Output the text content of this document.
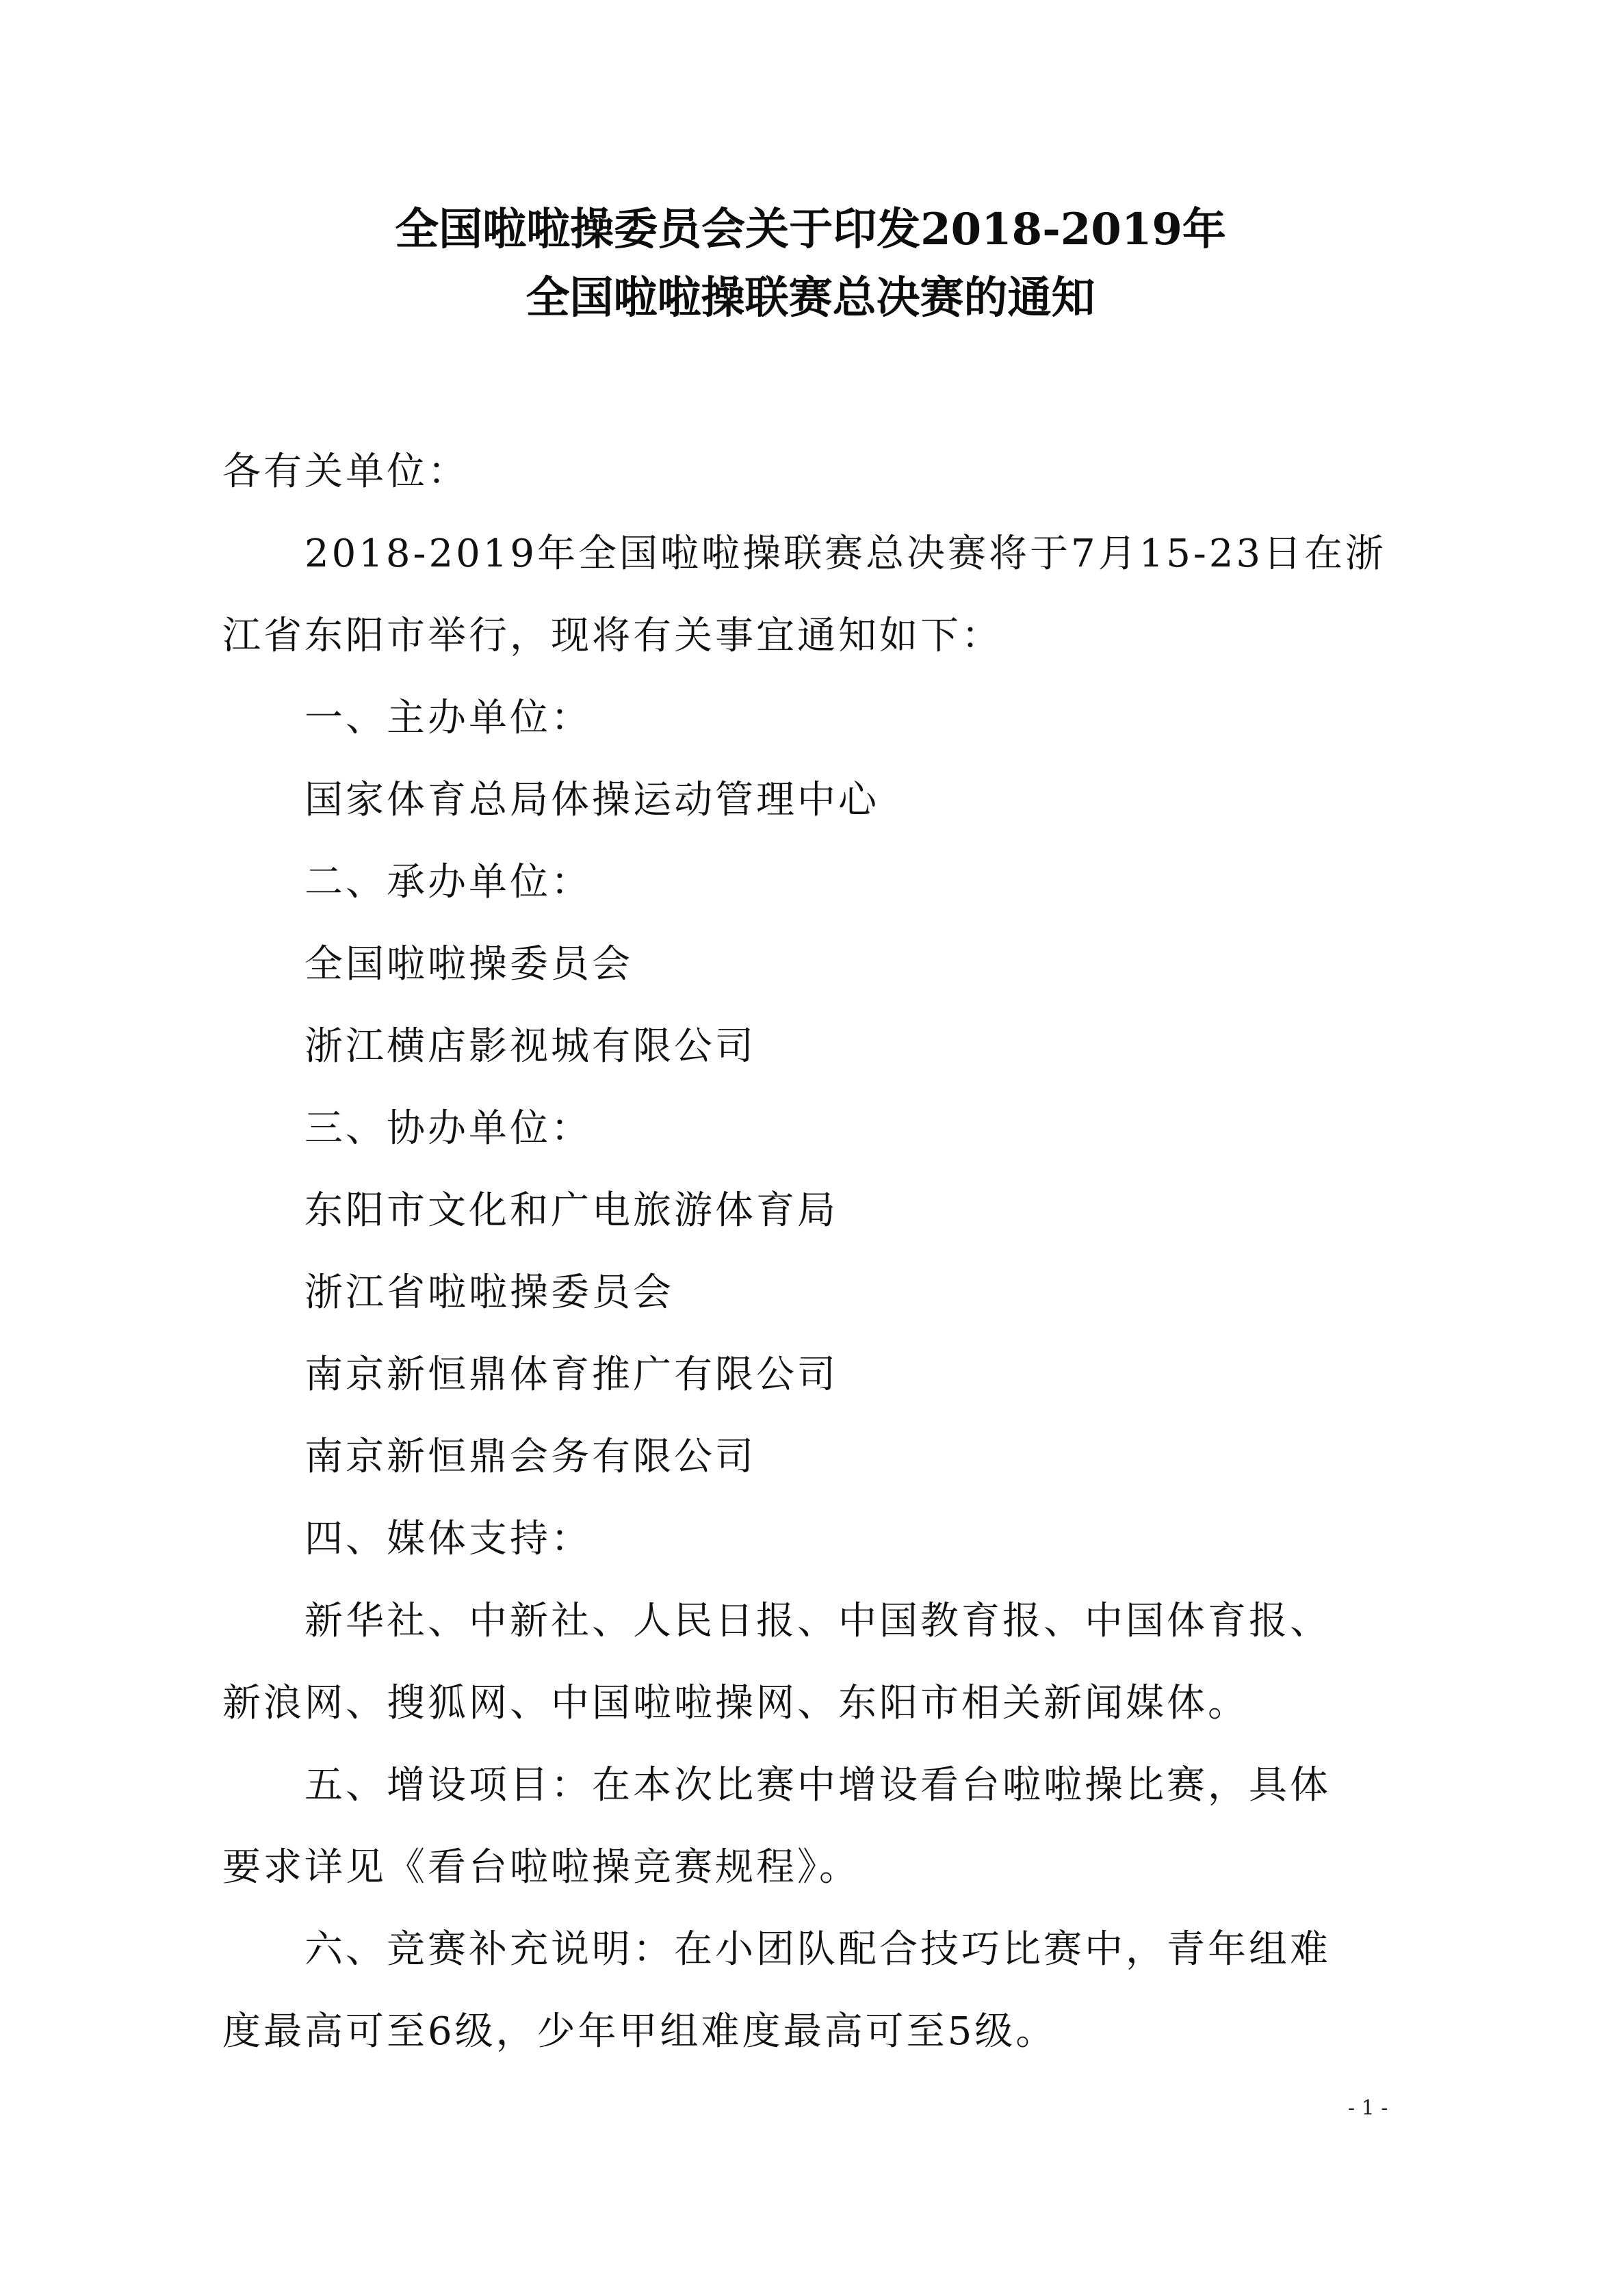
全国啦啦操委员会关于印发2018-2019年
全国啦啦操联赛总决赛的通知
各有关单位：
2018-2019年全国啦啦操联赛总决赛将于7月15-23日在浙
江省东阳市举行，现将有关事宜通知如下：
一、主办单位：
国家体育总局体操运动管理中心
二、承办单位：
全国啦啦操委员会
浙江横店影视城有限公司
三、协办单位：
东阳市文化和广电旅游体育局
浙江省啦啦操委员会
南京新恒鼎体育推广有限公司
南京新恒鼎会务有限公司
四、媒体支持：
新华社、中新社、人民日报、中国教育报、中国体育报、
新浪网、搜狐网、中国啦啦操网、东阳市相关新闻媒体。
五、增设项目：在本次比赛中增设看台啦啦操比赛，具体
要求详见《看台啦啦操竞赛规程》。
六、竞赛补充说明：在小团队配合技巧比赛中，青年组难
度最高可至6级，少年甲组难度最高可至5级。
- 1 -
